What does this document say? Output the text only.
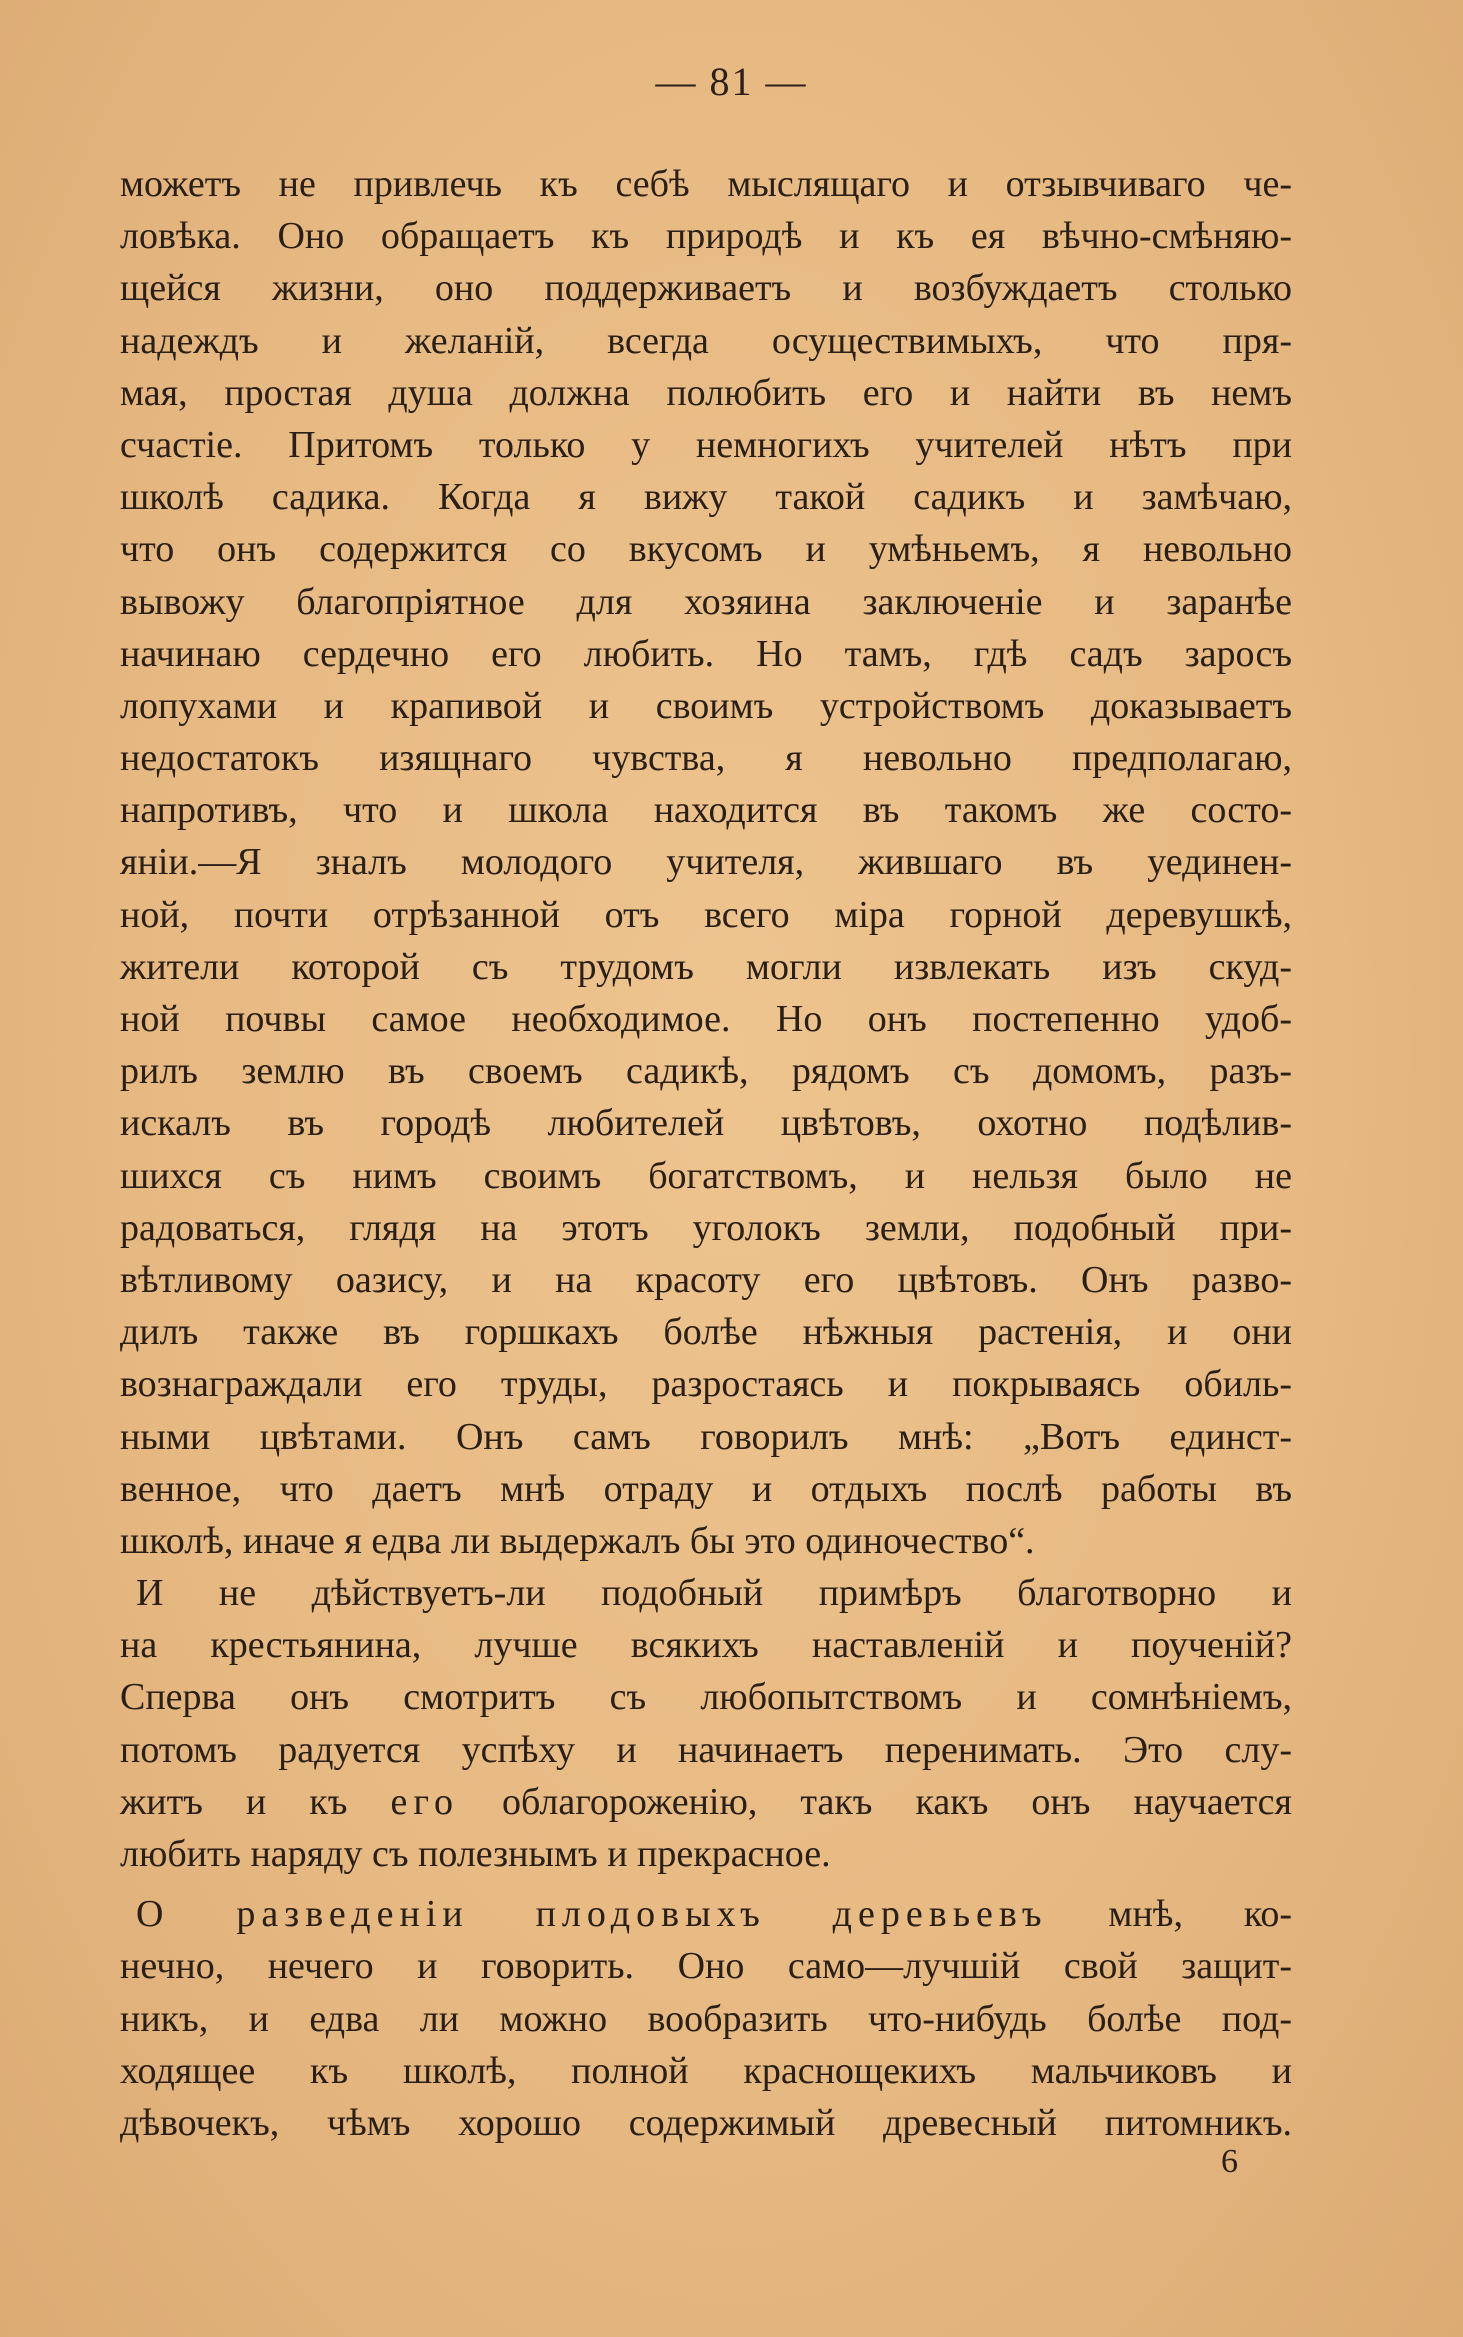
— 81 —
можетъ не привлечь къ себѣ мыслящаго и отзывчиваго че-
ловѣка. Оно обращаетъ къ природѣ и къ ея вѣчно-смѣняю-
щейся жизни, оно поддерживаетъ и возбуждаетъ столько
надеждъ и желаній, всегда осуществимыхъ, что пря-
мая, простая душа должна полюбить его и найти въ немъ
счастіе. Притомъ только у немногихъ учителей нѣтъ при
школѣ садика. Когда я вижу такой садикъ и замѣчаю,
что онъ содержится со вкусомъ и умѣньемъ, я невольно
вывожу благопріятное для хозяина заключеніе и заранѣе
начинаю сердечно его любить. Но тамъ, гдѣ садъ заросъ
лопухами и крапивой и своимъ устройствомъ доказываетъ
недостатокъ изящнаго чувства, я невольно предполагаю,
напротивъ, что и школа находится въ такомъ же состо-
яніи.—Я зналъ молодого учителя, жившаго въ уединен-
ной, почти отрѣзанной отъ всего міра горной деревушкѣ,
жители которой съ трудомъ могли извлекать изъ скуд-
ной почвы самое необходимое. Но онъ постепенно удоб-
рилъ землю въ своемъ садикѣ, рядомъ съ домомъ, разъ-
искалъ въ городѣ любителей цвѣтовъ, охотно подѣлив-
шихся съ нимъ своимъ богатствомъ, и нельзя было не
радоваться, глядя на этотъ уголокъ земли, подобный при-
вѣтливому оазису, и на красоту его цвѣтовъ. Онъ разво-
дилъ также въ горшкахъ болѣе нѣжныя растенія, и они
вознаграждали его труды, разростаясь и покрываясь обиль-
ными цвѣтами. Онъ самъ говорилъ мнѣ: „Вотъ единст-
венное, что даетъ мнѣ отраду и отдыхъ послѣ работы въ
школѣ, иначе я едва ли выдержалъ бы это одиночество“.
И не дѣйствуетъ-ли подобный примѣръ благотворно и
на крестьянина, лучше всякихъ наставленій и поученій?
Сперва онъ смотритъ съ любопытствомъ и сомнѣніемъ,
потомъ радуется успѣху и начинаетъ перенимать. Это слу-
житъ и къ его облагороженію, такъ какъ онъ научается
любить наряду съ полезнымъ и прекрасное.
О разведеніи плодовыхъ деревьевъ мнѣ, ко-
нечно, нечего и говорить. Оно само—лучшій свой защит-
никъ, и едва ли можно вообразить что-нибудь болѣе под-
ходящее къ школѣ, полной краснощекихъ мальчиковъ и
дѣвочекъ, чѣмъ хорошо содержимый древесный питомникъ.
6
